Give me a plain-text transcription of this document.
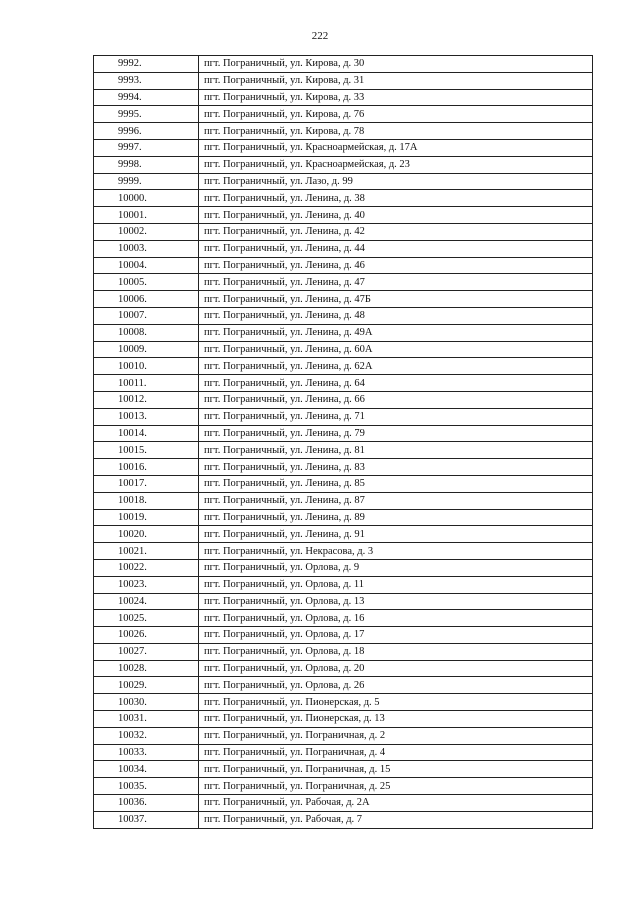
222
9992.	пгт. Пограничный, ул. Кирова, д. 30
9993.	пгт. Пограничный, ул. Кирова, д. 31
9994.	пгт. Пограничный, ул. Кирова, д. 33
9995.	пгт. Пограничный, ул. Кирова, д. 76
9996.	пгт. Пограничный, ул. Кирова, д. 78
9997.	пгт. Пограничный, ул. Красноармейская, д. 17А
9998.	пгт. Пограничный, ул. Красноармейская, д. 23
9999.	пгт. Пограничный, ул. Лазо, д. 99
10000.	пгт. Пограничный, ул. Ленина, д. 38
10001.	пгт. Пограничный, ул. Ленина, д. 40
10002.	пгт. Пограничный, ул. Ленина, д. 42
10003.	пгт. Пограничный, ул. Ленина, д. 44
10004.	пгт. Пограничный, ул. Ленина, д. 46
10005.	пгт. Пограничный, ул. Ленина, д. 47
10006.	пгт. Пограничный, ул. Ленина, д. 47Б
10007.	пгт. Пограничный, ул. Ленина, д. 48
10008.	пгт. Пограничный, ул. Ленина, д. 49А
10009.	пгт. Пограничный, ул. Ленина, д. 60А
10010.	пгт. Пограничный, ул. Ленина, д. 62А
10011.	пгт. Пограничный, ул. Ленина, д. 64
10012.	пгт. Пограничный, ул. Ленина, д. 66
10013.	пгт. Пограничный, ул. Ленина, д. 71
10014.	пгт. Пограничный, ул. Ленина, д. 79
10015.	пгт. Пограничный, ул. Ленина, д. 81
10016.	пгт. Пограничный, ул. Ленина, д. 83
10017.	пгт. Пограничный, ул. Ленина, д. 85
10018.	пгт. Пограничный, ул. Ленина, д. 87
10019.	пгт. Пограничный, ул. Ленина, д. 89
10020.	пгт. Пограничный, ул. Ленина, д. 91
10021.	пгт. Пограничный, ул. Некрасова, д. 3
10022.	пгт. Пограничный, ул. Орлова, д. 9
10023.	пгт. Пограничный, ул. Орлова, д. 11
10024.	пгт. Пограничный, ул. Орлова, д. 13
10025.	пгт. Пограничный, ул. Орлова, д. 16
10026.	пгт. Пограничный, ул. Орлова, д. 17
10027.	пгт. Пограничный, ул. Орлова, д. 18
10028.	пгт. Пограничный, ул. Орлова, д. 20
10029.	пгт. Пограничный, ул. Орлова, д. 26
10030.	пгт. Пограничный, ул. Пионерская, д. 5
10031.	пгт. Пограничный, ул. Пионерская, д. 13
10032.	пгт. Пограничный, ул. Пограничная, д. 2
10033.	пгт. Пограничный, ул. Пограничная, д. 4
10034.	пгт. Пограничный, ул. Пограничная, д. 15
10035.	пгт. Пограничный, ул. Пограничная, д. 25
10036.	пгт. Пограничный, ул. Рабочая, д. 2А
10037.	пгт. Пограничный, ул. Рабочая, д. 7
